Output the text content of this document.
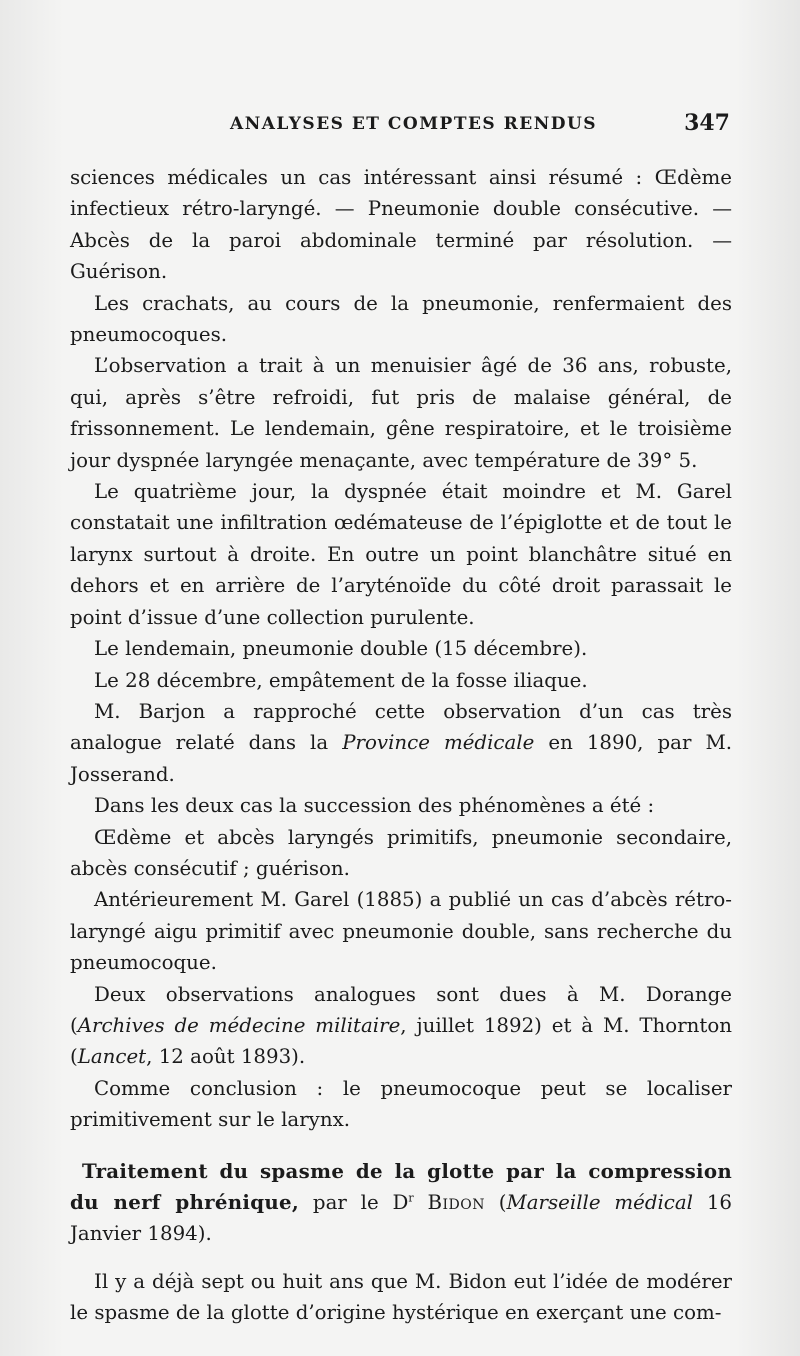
ANALYSES ET COMPTES RENDUS	347

sciences médicales un cas intéressant ainsi résumé : Œdème infectieux rétro-laryngé. — Pneumonie double consécutive. — Abcès de la paroi abdominale terminé par résolution. — Guérison.

Les crachats, au cours de la pneumonie, renfermaient des pneumocoques.

L’observation a trait à un menuisier âgé de 36 ans, robuste, qui, après s’être refroidi, fut pris de malaise général, de frissonnement. Le lendemain, gêne respiratoire, et le troisième jour dyspnée laryngée menaçante, avec température de 39° 5.

Le quatrième jour, la dyspnée était moindre et M. Garel constatait une infiltration œdémateuse de l’épiglotte et de tout le larynx surtout à droite. En outre un point blanchâtre situé en dehors et en arrière de l’aryténoïde du côté droit parassait le point d’issue d’une collection purulente.

Le lendemain, pneumonie double (15 décembre).

Le 28 décembre, empâtement de la fosse iliaque.

M. Barjon a rapproché cette observation d’un cas très analogue relaté dans la Province médicale en 1890, par M. Josserand.

Dans les deux cas la succession des phénomènes a été :

Œdème et abcès laryngés primitifs, pneumonie secondaire, abcès consécutif ; guérison.

Antérieurement M. Garel (1885) a publié un cas d’abcès rétro-laryngé aigu primitif avec pneumonie double, sans recherche du pneumocoque.

Deux observations analogues sont dues à M. Dorange (Archives de médecine militaire, juillet 1892) et à M. Thornton (Lancet, 12 août 1893).

Comme conclusion : le pneumocoque peut se localiser primitivement sur le larynx.

Traitement du spasme de la glotte par la compression du nerf phrénique, par le $D^r$ Bidon (Marseille médical 16 Janvier 1894).

Il y a déjà sept ou huit ans que M. Bidon eut l’idée de modérer le spasme de la glotte d’origine hystérique en exerçant une com-
